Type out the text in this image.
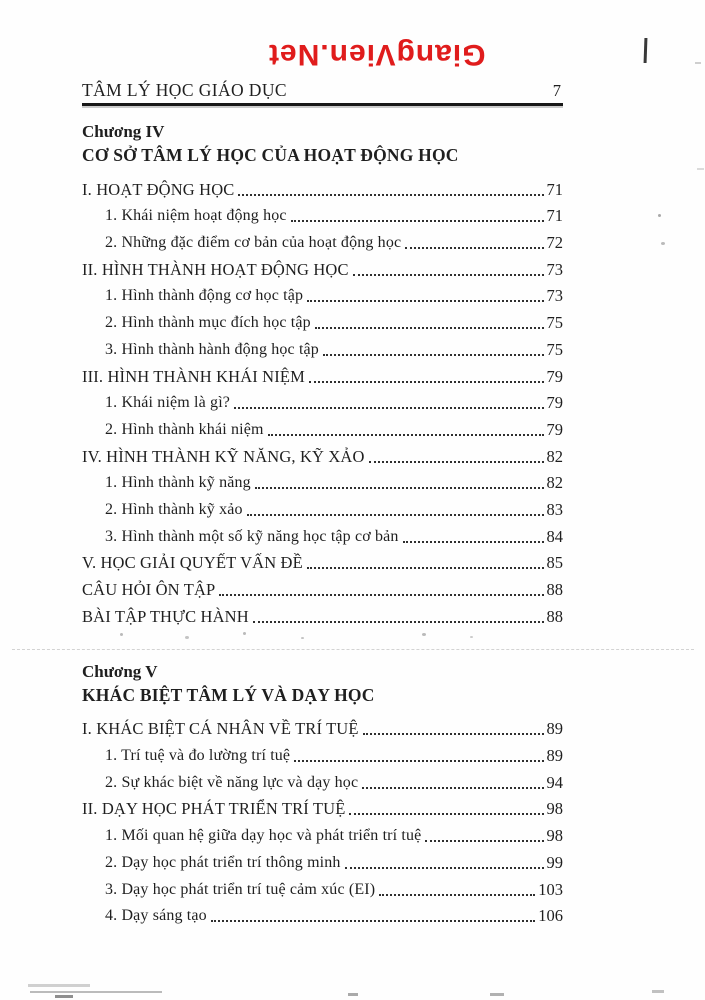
GiangVien.Net
TÂM LÝ HỌC GIÁO DỤC	7
Chương IV
CƠ SỞ TÂM LÝ HỌC CỦA HOẠT ĐỘNG HỌC
I. HOẠT ĐỘNG HỌC	71
1. Khái niệm hoạt động học	71
2. Những đặc điểm cơ bản của hoạt động học	72
II. HÌNH THÀNH HOẠT ĐỘNG HỌC	73
1. Hình thành động cơ học tập	73
2. Hình thành mục đích học tập	75
3. Hình thành hành động học tập	75
III. HÌNH THÀNH KHÁI NIỆM	79
1. Khái niệm là gì?	79
2. Hình thành khái niệm	79
IV. HÌNH THÀNH KỸ NĂNG, KỸ XẢO	82
1. Hình thành kỹ năng	82
2. Hình thành kỹ xảo	83
3. Hình thành một số kỹ năng học tập cơ bản	84
V. HỌC GIẢI QUYẾT VẤN ĐỀ	85
CÂU HỎI ÔN TẬP	88
BÀI TẬP THỰC HÀNH	88
Chương V
KHÁC BIỆT TÂM LÝ VÀ DẠY HỌC
I. KHÁC BIỆT CÁ NHÂN VỀ TRÍ TUỆ	89
1. Trí tuệ và đo lường trí tuệ	89
2. Sự khác biệt về năng lực và dạy học	94
II. DẠY HỌC PHÁT TRIỂN TRÍ TUỆ	98
1. Mối quan hệ giữa dạy học và phát triển trí tuệ	98
2. Dạy học phát triển trí thông minh	99
3. Dạy học phát triển trí tuệ cảm xúc (EI)	103
4. Dạy sáng tạo	106
